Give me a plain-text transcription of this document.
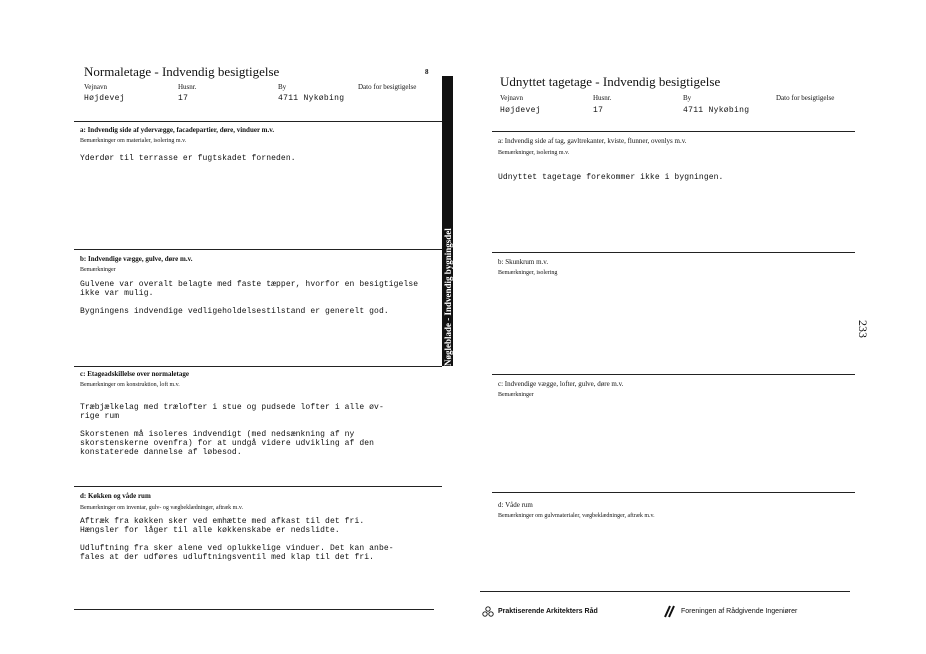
Normaletage - Indvendig besigtigelse	8
Vejnavn	Husnr.	By	Dato for besigtigelse
Højdevej	17	4711 Nykøbing
a: Indvendig side af ydervægge, facadepartier, døre, vinduer m.v.
Bemærkninger om materialer, isolering m.v.
Yderdør til terrasse er fugtskadet forneden.
b: Indvendige vægge, gulve, døre m.v.
Bemærkninger
Gulvene var overalt belagte med faste tæpper, hvorfor en besigtigelse
ikke var mulig.

Bygningens indvendige vedligeholdelsestilstand er generelt god.
c: Etageadskillelse over normaletage
Bemærkninger om konstruktion, loft m.v.
Træbjælkelag med trælofter i stue og pudsede lofter i alle øv-
rige rum

Skorstenen må isoleres indvendigt (med nedsænkning af ny
skorstenskerne ovenfra) for at undgå videre udvikling af den
konstaterede dannelse af løbesod.
d: Køkken og våde rum
Bemærkninger om inventar, gulv- og vægbeklædninger, aftræk m.v.
Aftræk fra køkken sker ved emhætte med afkast til det fri.
Hængsler for låger til alle køkkenskabe er nedslidte.

Udluftning fra sker alene ved oplukkelige vinduer. Det kan anbe-
fales at der udføres udluftningsventil med klap til det fri.
Nøgleblade - Indvendig bygningsdel
Udnyttet tagetage - Indvendig besigtigelse
Vejnavn	Husnr.	By	Dato for besigtigelse
Højdevej	17	4711 Nykøbing
a: Indvendig side af tag, gavltrekanter, kviste, flunner, ovenlys m.v.
Bemærkninger, isolering m.v.
Udnyttet tagetage forekommer ikke i bygningen.
b: Skunkrum m.v.
Bemærkninger, isolering
c: Indvendige vægge, lofter, gulve, døre m.v.
Bemærkninger
d: Våde rum
Bemærkninger om gulvmaterialer, vægbeklædninger, aftræk m.v.
Praktiserende Arkitekters Råd	Foreningen af Rådgivende Ingeniører
233
